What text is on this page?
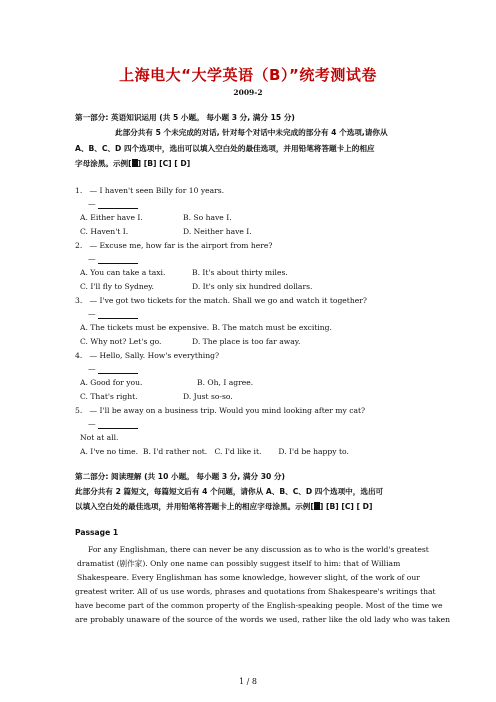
上海电大“大学英语（B）”统考测试卷
2009-2
第一部分: 英语知识运用 (共 5 小题。 每小题 3 分, 满分 15 分)
此部分共有 5 个未完成的对话, 针对每个对话中未完成的部分有 4 个选项,请你从
A、B、C、D 四个选项中，选出可以填入空白处的最佳选项，并用铅笔将答题卡上的相应
字母涂黑。示例[ ] [B] [C] [ D]
1. — I haven't seen Billy for 10 years.
—
A. Either have I.	B. So have I.
C. Haven't I.	D. Neither have I.
2. — Excuse me, how far is the airport from here?
—
A. You can take a taxi.	B. It's about thirty miles.
C. I'll fly to Sydney.	D. It's only six hundred dollars.
3. — I've got two tickets for the match. Shall we go and watch it together?
—
A. The tickets must be expensive. B. The match must be exciting.
C. Why not? Let's go.	D. The place is too far away.
4. — Hello, Sally. How's everything?
—
A. Good for you.	B. Oh, I agree.
C. That's right.	D. Just so-so.
5. — I'll be away on a business trip. Would you mind looking after my cat?
—
Not at all.
A. I've no time.  B. I'd rather not.   C. I'd like it.       D. I'd be happy to.
第二部分: 阅读理解 (共 10 小题。 每小题 3 分, 满分 30 分)
此部分共有 2 篇短文，每篇短文后有 4 个问题，请你从 A、B、C、D 四个选项中，选出可
以填入空白处的最佳选项，并用铅笔将答题卡上的相应字母涂黑。示例[ ] [B] [C] [ D]
Passage 1
For any Englishman, there can never be any discussion as to who is the world's greatest
dramatist (剧作家). Only one name can possibly suggest itself to him: that of William
Shakespeare. Every Englishman has some knowledge, however slight, of the work of our
greatest writer. All of us use words, phrases and quotations from Shakespeare's writings that
have become part of the common property of the English-speaking people. Most of the time we
are probably unaware of the source of the words we used, rather like the old lady who was taken
1 / 8
